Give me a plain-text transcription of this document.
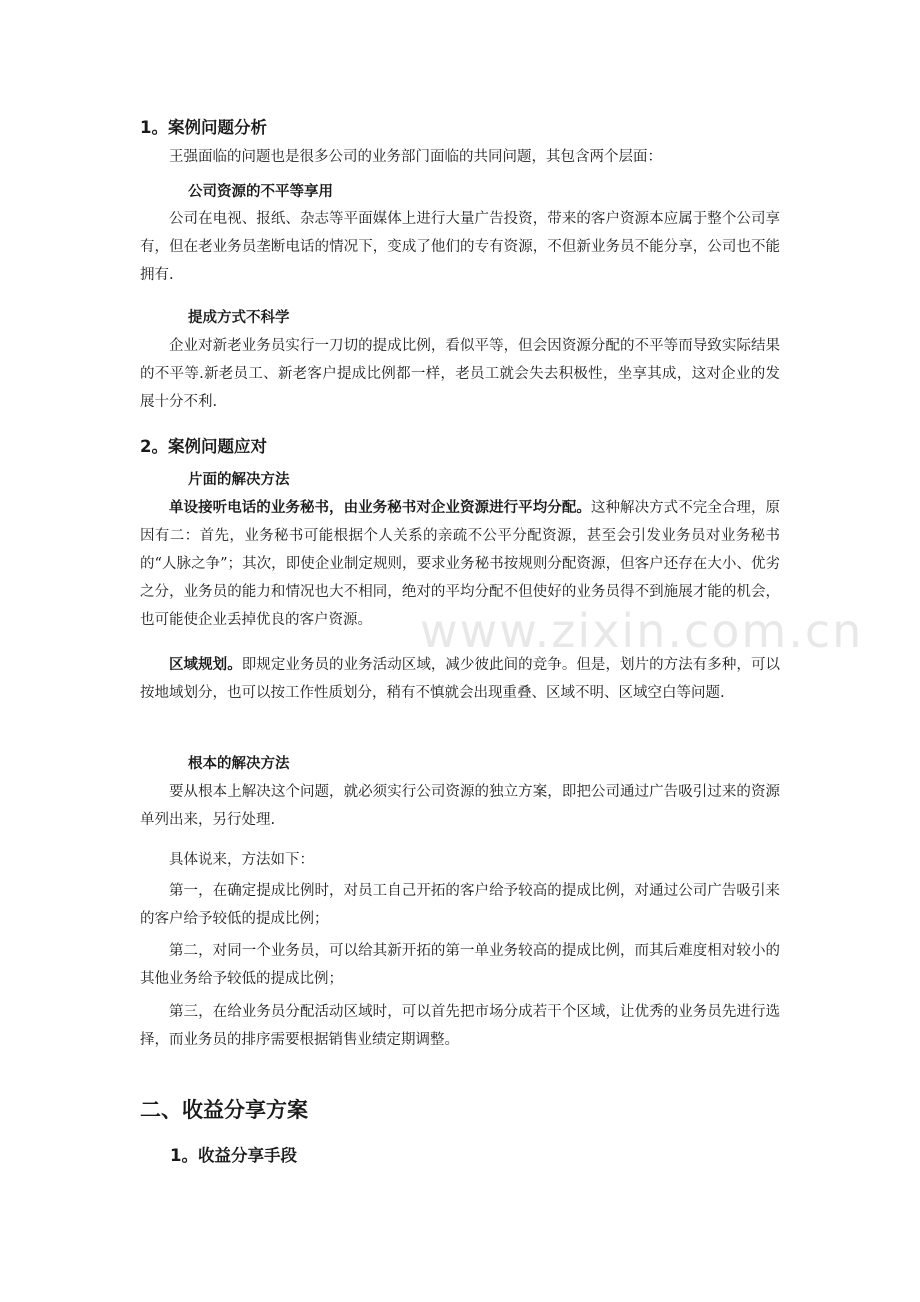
1。案例问题分析

王强面临的问题也是很多公司的业务部门面临的共同问题，其包含两个层面：

公司资源的不平等享用

公司在电视、报纸、杂志等平面媒体上进行大量广告投资，带来的客户资源本应属于整个公司享有，但在老业务员垄断电话的情况下，变成了他们的专有资源，不但新业务员不能分享，公司也不能拥有.

提成方式不科学

企业对新老业务员实行一刀切的提成比例，看似平等，但会因资源分配的不平等而导致实际结果的不平等.新老员工、新老客户提成比例都一样，老员工就会失去积极性，坐享其成，这对企业的发展十分不利.

2。案例问题应对
片面的解决方法

单设接听电话的业务秘书，由业务秘书对企业资源进行平均分配。这种解决方式不完全合理，原因有二：首先，业务秘书可能根据个人关系的亲疏不公平分配资源，甚至会引发业务员对业务秘书的“人脉之争”；其次，即使企业制定规则，要求业务秘书按规则分配资源，但客户还存在大小、优劣之分，业务员的能力和情况也大不相同，绝对的平均分配不但使好的业务员得不到施展才能的机会，也可能使企业丢掉优良的客户资源。

区域规划。即规定业务员的业务活动区域，减少彼此间的竞争。但是，划片的方法有多种，可以按地域划分，也可以按工作性质划分，稍有不慎就会出现重叠、区域不明、区域空白等问题.

根本的解决方法

要从根本上解决这个问题，就必须实行公司资源的独立方案，即把公司通过广告吸引过来的资源单列出来，另行处理.

具体说来，方法如下：

第一，在确定提成比例时，对员工自己开拓的客户给予较高的提成比例，对通过公司广告吸引来的客户给予较低的提成比例；

第二，对同一个业务员，可以给其新开拓的第一单业务较高的提成比例，而其后难度相对较小的其他业务给予较低的提成比例；

第三，在给业务员分配活动区域时，可以首先把市场分成若干个区域，让优秀的业务员先进行选择，而业务员的排序需要根据销售业绩定期调整。

二、收益分享方案
1。收益分享手段
www.zixin.com.cn
